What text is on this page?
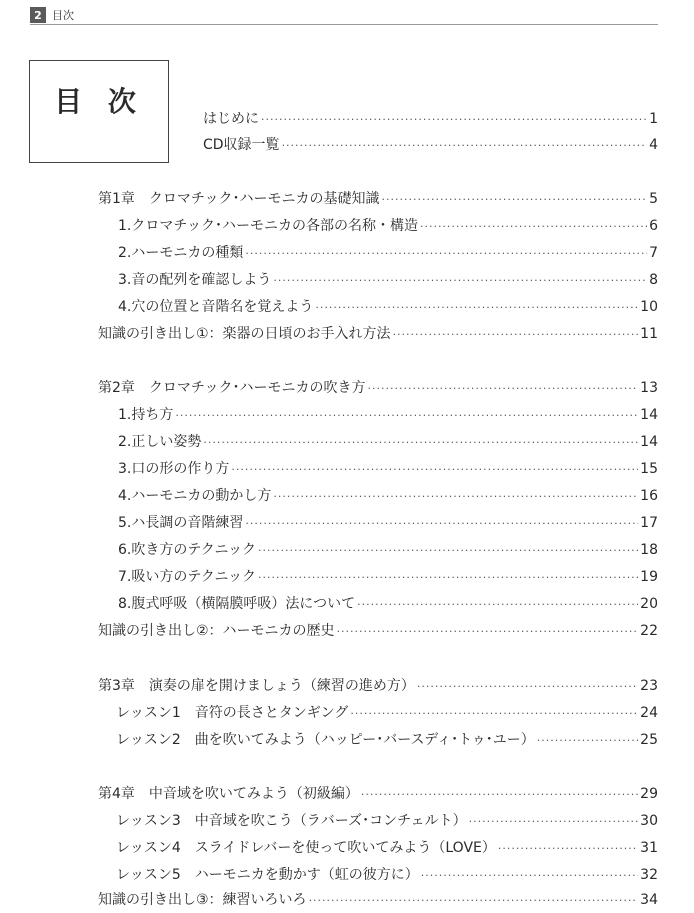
2 目次
目 次
はじめに ·····	1
CD収録一覧 ·····	4
第1章　クロマチック･ハーモニカの基礎知識 ·····	5
1. クロマチック･ハーモニカの各部の名称・構造 ·····	6
2. ハーモニカの種類 ·····	7
3. 音の配列を確認しよう ·····	8
4. 穴の位置と音階名を覚えよう ·····	10
知識の引き出し①：楽器の日頃のお手入れ方法 ·····	11
第2章　クロマチック･ハーモニカの吹き方 ·····	13
1. 持ち方 ·····	14
2. 正しい姿勢 ·····	14
3. 口の形の作り方 ·····	15
4. ハーモニカの動かし方 ·····	16
5. ハ長調の音階練習 ·····	17
6. 吹き方のテクニック ·····	18
7. 吸い方のテクニック ·····	19
8. 腹式呼吸（横隔膜呼吸）法について ·····	20
知識の引き出し②：ハーモニカの歴史 ·····	22
第3章　演奏の扉を開けましょう（練習の進め方） ·····	23
レッスン1　音符の長さとタンギング ·····	24
レッスン2　曲を吹いてみよう（ハッピー･バースディ･トゥ･ユー） ·····	25
第4章　中音域を吹いてみよう（初級編） ·····	29
レッスン3　中音域を吹こう（ラバーズ･コンチェルト） ·····	30
レッスン4　スライドレバーを使って吹いてみよう（LOVE） ·····	31
レッスン5　ハーモニカを動かす（虹の彼方に） ·····	32
知識の引き出し③：練習いろいろ ·····	34
